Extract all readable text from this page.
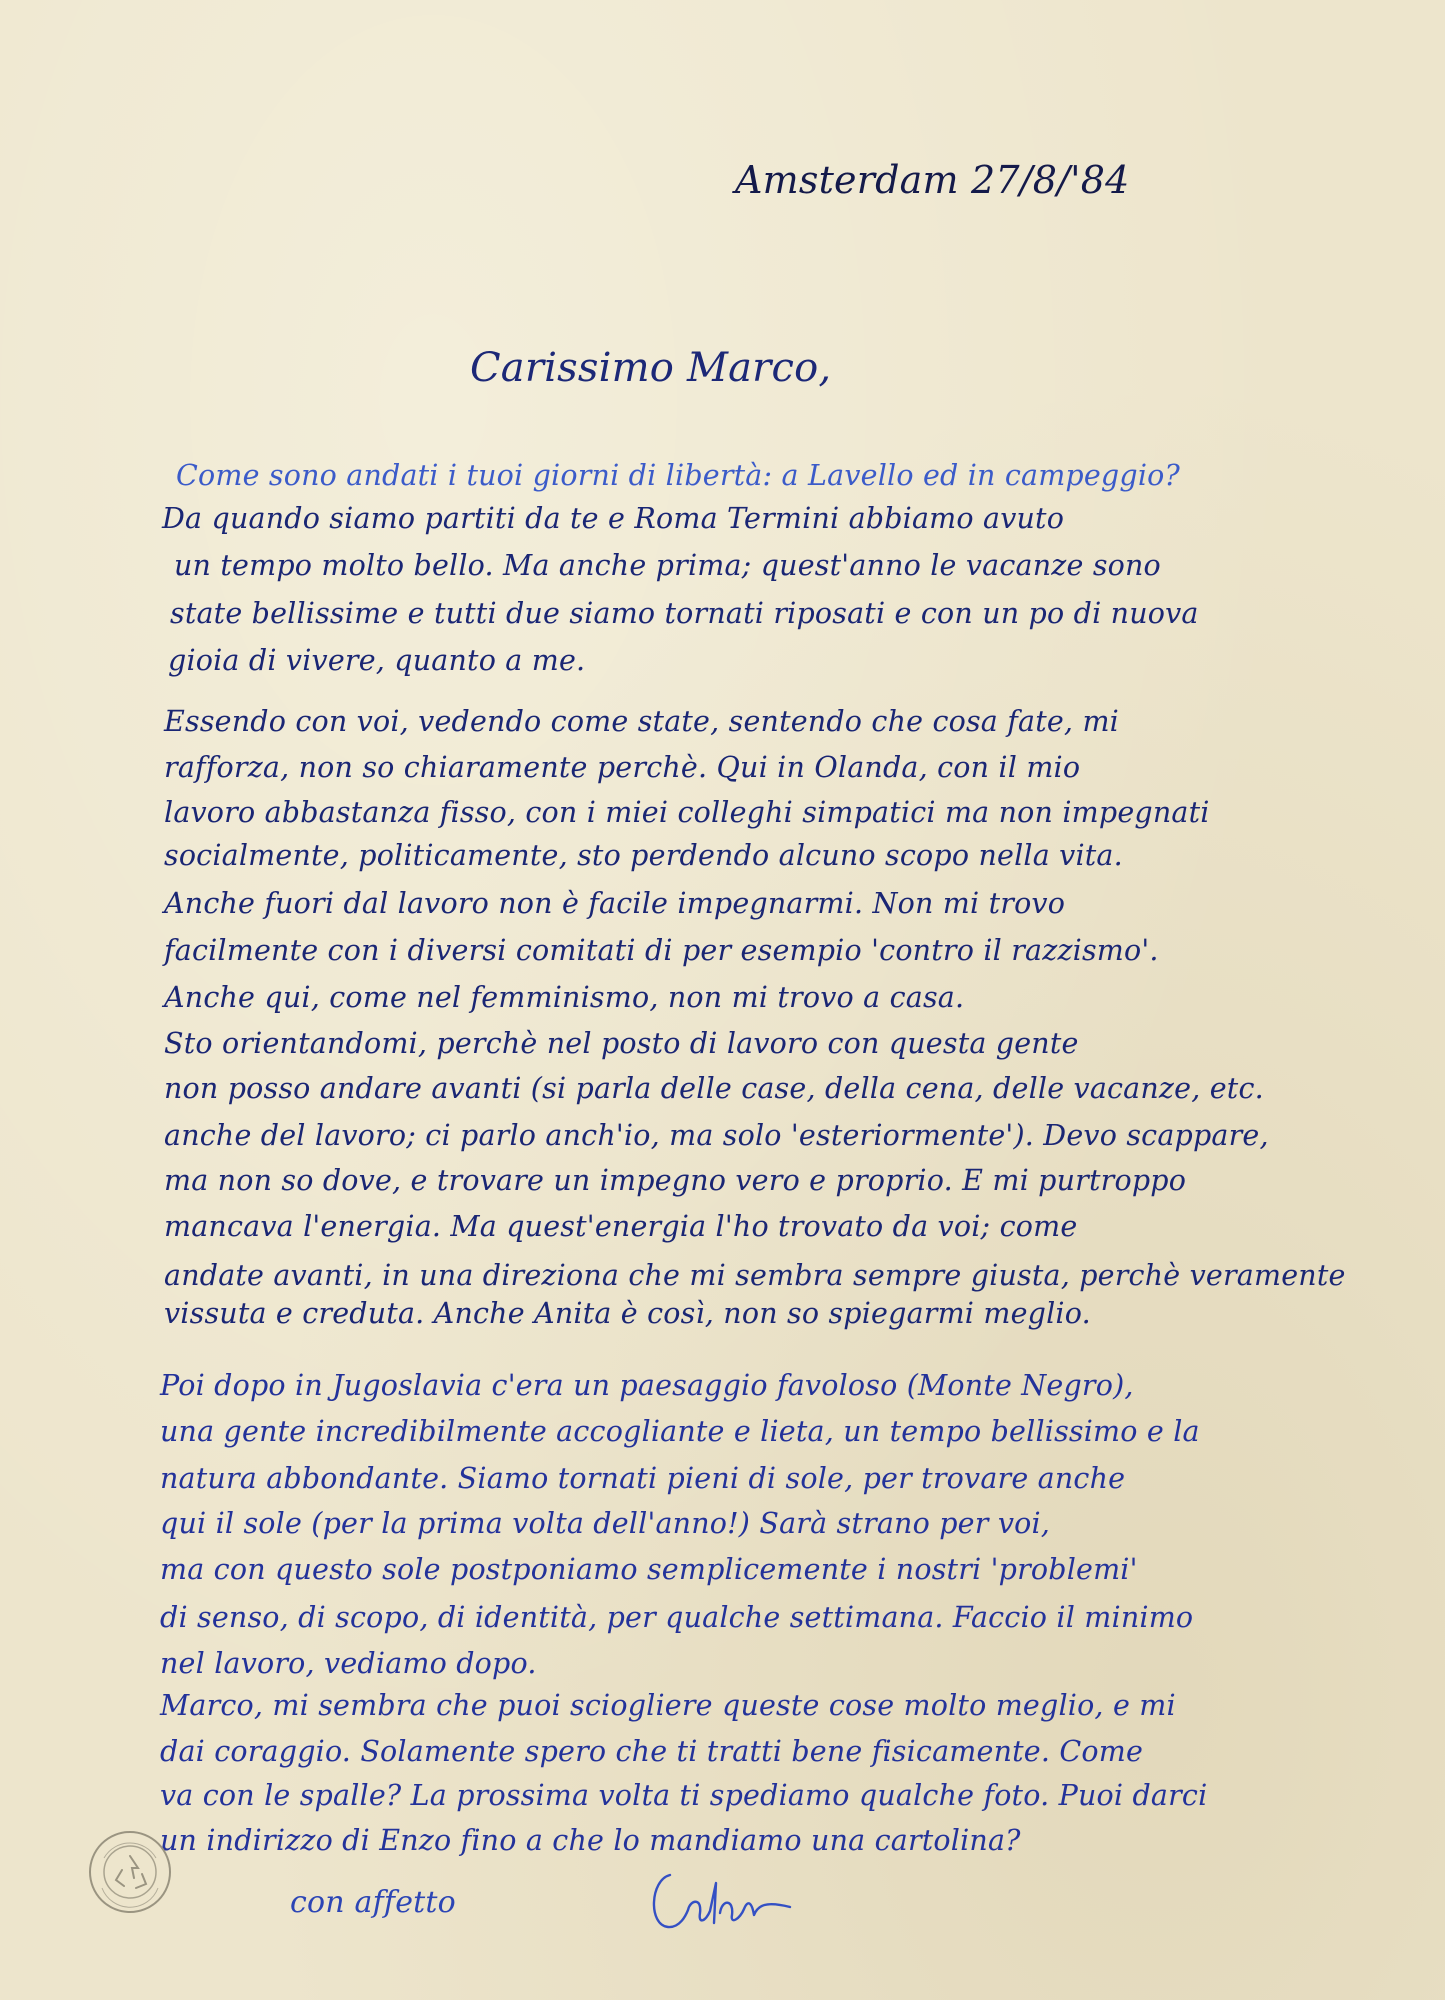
Amsterdam 27/8/'84
Carissimo Marco,
Come sono andati i tuoi giorni di libertà: a Lavello ed in campeggio?
Da quando siamo partiti da te e Roma Termini abbiamo avuto
un tempo molto bello. Ma anche prima; quest'anno le vacanze sono
state bellissime e tutti due siamo tornati riposati e con un po di nuova
gioia di vivere, quanto a me.
Essendo con voi, vedendo come state, sentendo che cosa fate, mi
rafforza, non so chiaramente perchè. Qui in Olanda, con il mio
lavoro abbastanza fisso, con i miei colleghi simpatici ma non impegnati
socialmente, politicamente, sto perdendo alcuno scopo nella vita.
Anche fuori dal lavoro non è facile impegnarmi. Non mi trovo
facilmente con i diversi comitati di per esempio 'contro il razzismo'.
Anche qui, come nel femminismo, non mi trovo a casa.
Sto orientandomi, perchè nel posto di lavoro con questa gente
non posso andare avanti (si parla delle case, della cena, delle vacanze, etc.
anche del lavoro; ci parlo anch'io, ma solo 'esteriormente'). Devo scappare,
ma non so dove, e trovare un impegno vero e proprio. E mi purtroppo
mancava l'energia. Ma quest'energia l'ho trovato da voi; come
andate avanti, in una direziona che mi sembra sempre giusta, perchè veramente
vissuta e creduta. Anche Anita è così, non so spiegarmi meglio.
Poi dopo in Jugoslavia c'era un paesaggio favoloso (Monte Negro),
una gente incredibilmente accogliante e lieta, un tempo bellissimo e la
natura abbondante. Siamo tornati pieni di sole, per trovare anche
qui il sole (per la prima volta dell'anno!) Sarà strano per voi,
ma con questo sole postponiamo semplicemente i nostri 'problemi'
di senso, di scopo, di identità, per qualche settimana. Faccio il minimo
nel lavoro, vediamo dopo.
Marco, mi sembra che puoi sciogliere queste cose molto meglio, e mi
dai coraggio. Solamente spero che ti tratti bene fisicamente. Come
va con le spalle? La prossima volta ti spediamo qualche foto. Puoi darci
un indirizzo di Enzo fino a che lo mandiamo una cartolina?
con affetto
